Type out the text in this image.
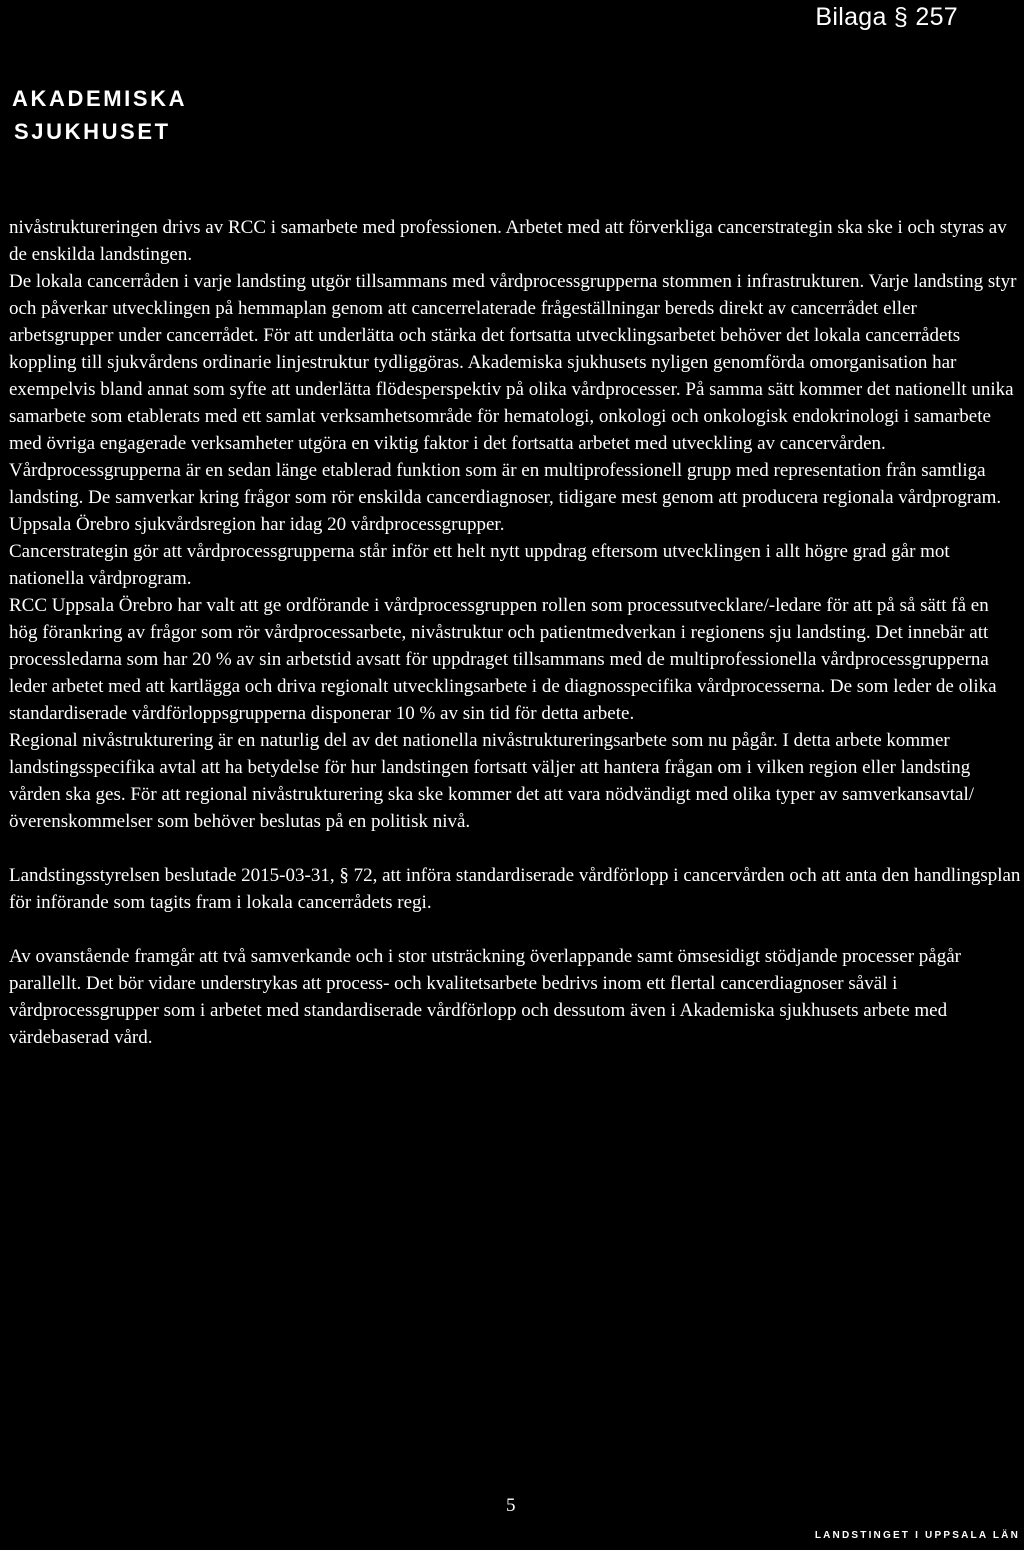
Bilaga § 257
AKADEMISKA
SJUKHUSET

nivåstruktureringen drivs av RCC i samarbete med professionen. Arbetet med att förverkliga cancerstrategin ska ske i och styras av de enskilda landstingen.

De lokala cancerråden i varje landsting utgör tillsammans med vårdprocessgrupperna stommen i infrastrukturen. Varje landsting styr och påverkar utvecklingen på hemmaplan genom att cancerrelaterade frågeställningar bereds direkt av cancerrådet eller arbetsgrupper under cancerrådet. För att underlätta och stärka det fortsatta utvecklingsarbetet behöver det lokala cancerrådets koppling till sjukvårdens ordinarie linjestruktur tydliggöras. Akademiska sjukhusets nyligen genomförda omorganisation har exempelvis bland annat som syfte att underlätta flödesperspektiv på olika vårdprocesser. På samma sätt kommer det nationellt unika samarbete som etablerats med ett samlat verksamhetsområde för hematologi, onkologi och onkologisk endokrinologi i samarbete med övriga engagerade verksamheter utgöra en viktig faktor i det fortsatta arbetet med utveckling av cancervården. Vårdprocessgrupperna är en sedan länge etablerad funktion som är en multiprofessionell grupp med representation från samtliga landsting. De samverkar kring frågor som rör enskilda cancerdiagnoser, tidigare mest genom att producera regionala vårdprogram. Uppsala Örebro sjukvårdsregion har idag 20 vårdprocessgrupper.

Cancerstrategin gör att vårdprocessgrupperna står inför ett helt nytt uppdrag eftersom utvecklingen i allt högre grad går mot nationella vårdprogram.

RCC Uppsala Örebro har valt att ge ordförande i vårdprocessgruppen rollen som processutvecklare/-ledare för att på så sätt få en hög förankring av frågor som rör vårdprocessarbete, nivåstruktur och patientmedverkan i regionens sju landsting. Det innebär att processledarna som har 20 % av sin arbetstid avsatt för uppdraget tillsammans med de multiprofessionella vårdprocessgrupperna leder arbetet med att kartlägga och driva regionalt utvecklingsarbete i de diagnosspecifika vårdprocesserna. De som leder de olika standardiserade vårdförloppsgrupperna disponerar 10 % av sin tid för detta arbete.

Regional nivåstrukturering är en naturlig del av det nationella nivåstruktureringsarbete som nu pågår. I detta arbete kommer landstingsspecifika avtal att ha betydelse för hur landstingen fortsatt väljer att hantera frågan om i vilken region eller landsting vården ska ges. För att regional nivåstrukturering ska ske kommer det att vara nödvändigt med olika typer av samverkansavtal/överenskommelser som behöver beslutas på en politisk nivå.

Landstingsstyrelsen beslutade 2015-03-31, § 72, att införa standardiserade vårdförlopp i cancervården och att anta den handlingsplan för införande som tagits fram i lokala cancerrådets regi.

Av ovanstående framgår att två samverkande och i stor utsträckning överlappande samt ömsesidigt stödjande processer pågår parallellt. Det bör vidare understrykas att process- och kvalitetsarbete bedrivs inom ett flertal cancerdiagnoser såväl i vårdprocessgrupper som i arbetet med standardiserade vårdförlopp och dessutom även i Akademiska sjukhusets arbete med värdebaserad vård.

5
LANDSTINGET I UPPSALA LÄN
